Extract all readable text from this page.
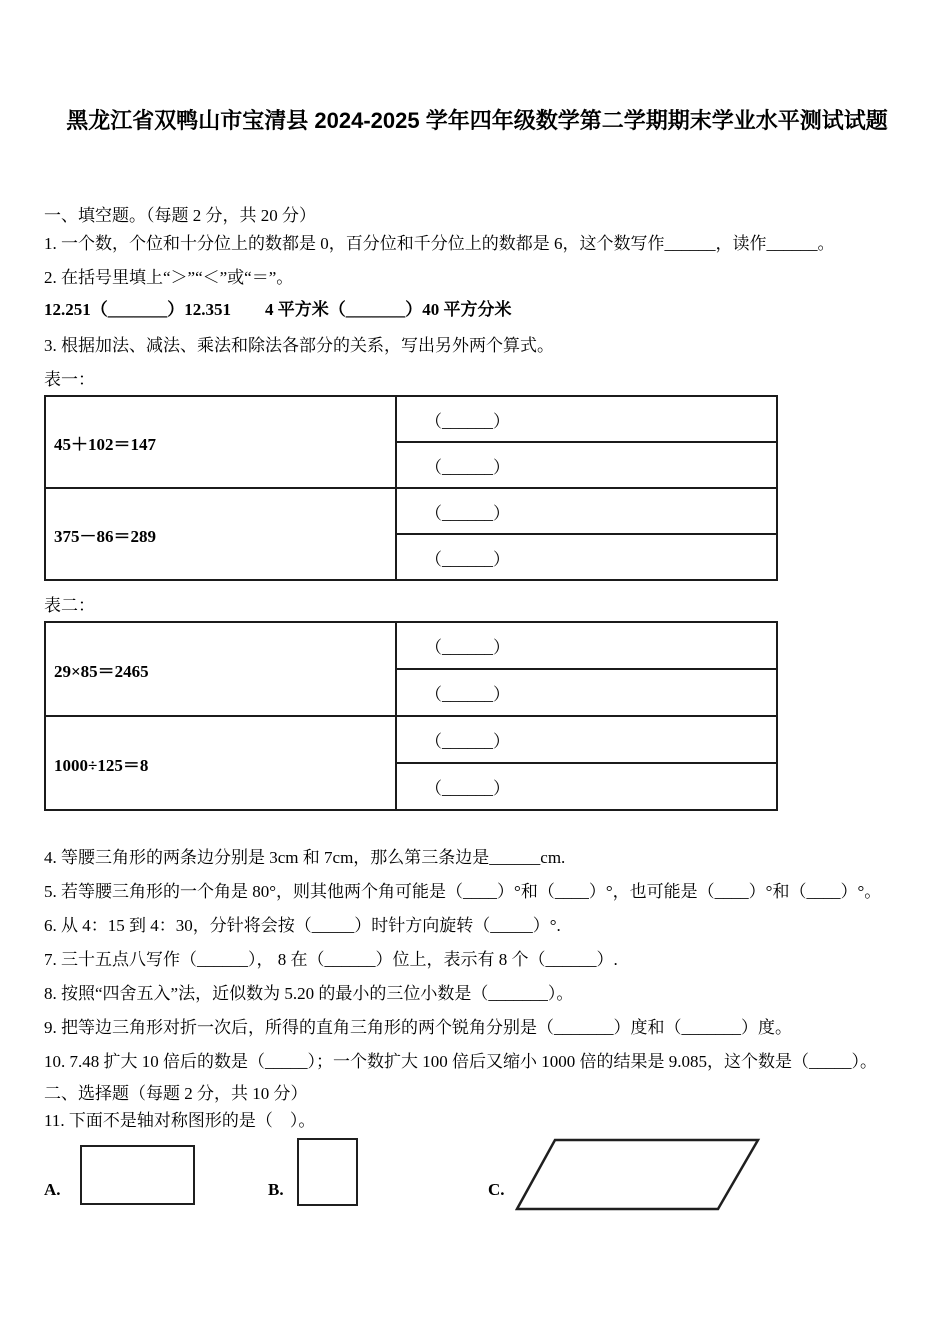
黑龙江省双鸭山市宝清县 2024-2025 学年四年级数学第二学期期末学业水平测试试题
一、填空题。（每题 2 分，共 20 分）
1. 一个数，个位和十分位上的数都是 0，百分位和千分位上的数都是 6，这个数写作______，读作______。
2. 在括号里填上“＞”“＜”或“＝”。
12.251（_______）12.351　　4 平方米（_______）40 平方分米
3. 根据加法、减法、乘法和除法各部分的关系，写出另外两个算式。
表一：
45＋102＝147	（______）
	（______）
375－86＝289	（______）
	（______）
表二：
29×85＝2465	（______）
	（______）
1000÷125＝8	（______）
	（______）
4. 等腰三角形的两条边分别是 3cm 和 7cm，那么第三条边是______cm.
5. 若等腰三角形的一个角是 80°，则其他两个角可能是（____）°和（____）°，也可能是（____）°和（____）°。
6. 从 4：15 到 4：30，分针将会按（_____）时针方向旋转（_____）°.
7. 三十五点八写作（______）， 8 在（______）位上，表示有 8 个（______）.
8. 按照“四舍五入”法，近似数为 5.20 的最小的三位小数是（_______）。
9. 把等边三角形对折一次后，所得的直角三角形的两个锐角分别是（_______）度和（_______）度。
10. 7.48 扩大 10 倍后的数是（_____）；一个数扩大 100 倍后又缩小 1000 倍的结果是 9.085，这个数是（_____）。
二、选择题（每题 2 分，共 10 分）
11. 下面不是轴对称图形的是（　）。
A.	B.	C.
